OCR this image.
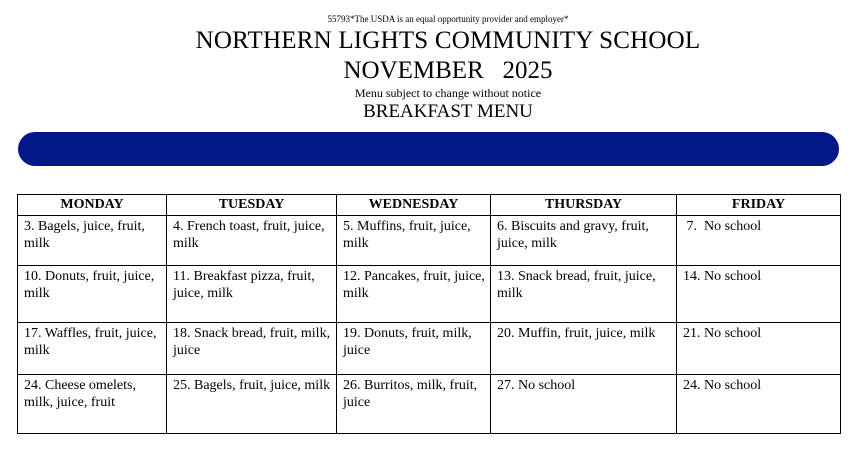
55793*The USDA is an equal opportunity provider and employer*
NORTHERN LIGHTS COMMUNITY SCHOOL
NOVEMBER   2025
Menu subject to change without notice
BREAKFAST MENU
MONDAY	TUESDAY	WEDNESDAY	THURSDAY	FRIDAY
3. Bagels, juice, fruit, milk	4. French toast, fruit, juice, milk	5. Muffins, fruit, juice, milk	6. Biscuits and gravy, fruit, juice, milk	7.  No school
10. Donuts, fruit, juice, milk	11. Breakfast pizza, fruit, juice, milk	12. Pancakes, fruit, juice, milk	13. Snack bread, fruit, juice, milk	14. No school
17. Waffles, fruit, juice, milk	18. Snack bread, fruit, milk, juice	19. Donuts, fruit, milk, juice	20. Muffin, fruit, juice, milk	21. No school
24. Cheese omelets, milk, juice, fruit	25. Bagels, fruit, juice, milk	26. Burritos, milk, fruit, juice	27. No school	24. No school
